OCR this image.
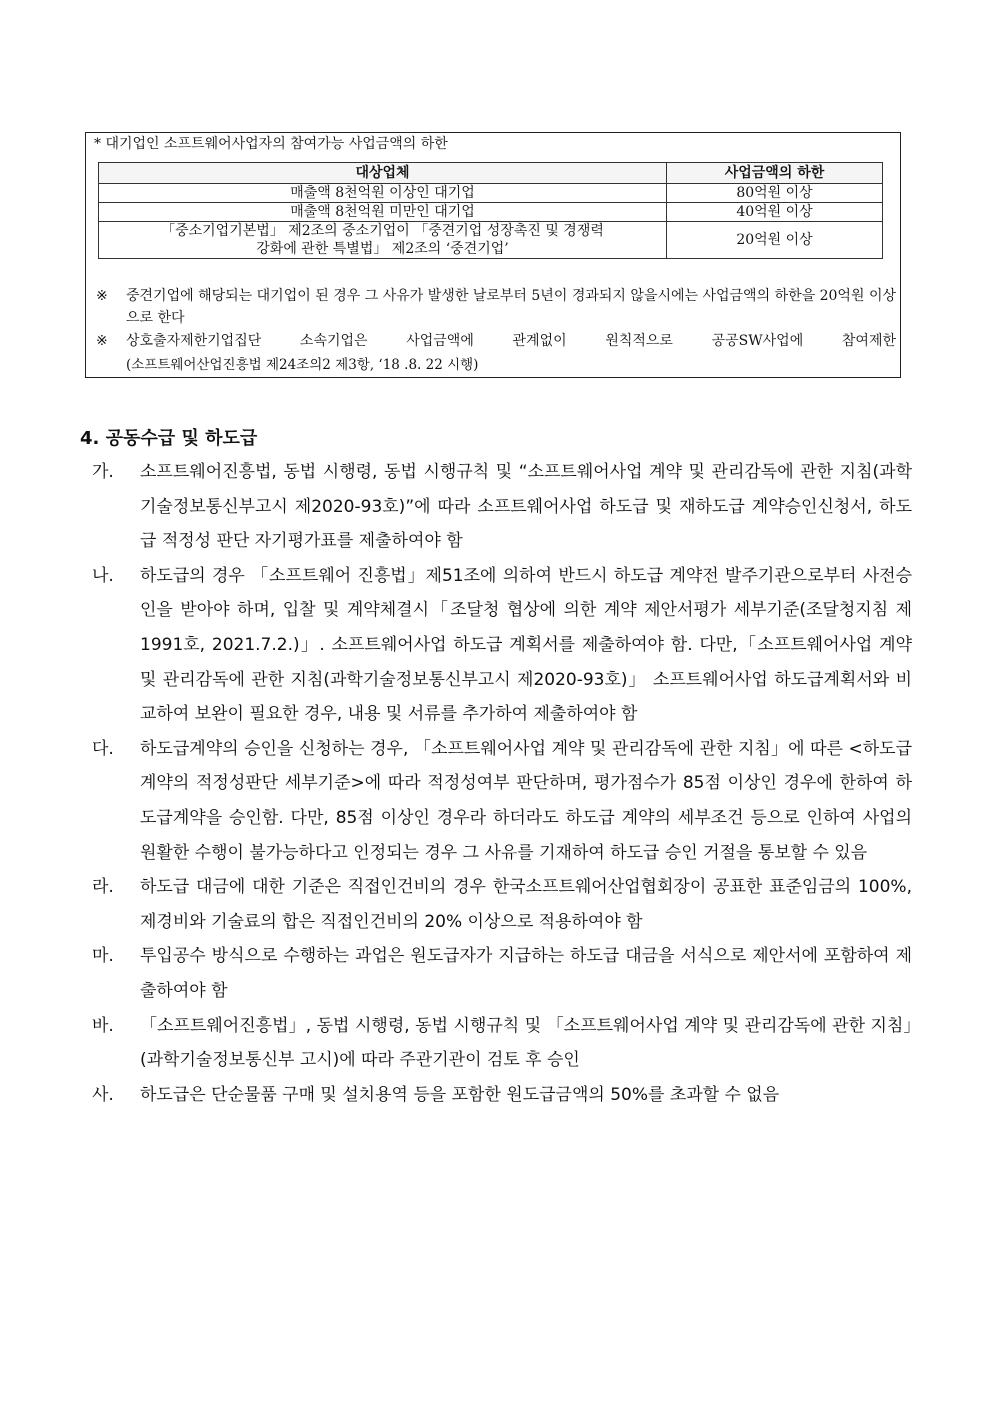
* 대기업인 소프트웨어사업자의 참여가능 사업금액의 하한
대상업체	사업금액의 하한
매출액 8천억원 이상인 대기업	80억원 이상
매출액 8천억원 미만인 대기업	40억원 이상

「중소기업기본법」 제2조의 중소기업이 「중견기업 성장촉진 및 경쟁력
강화에 관한 특별법」 제2조의 ‘중견기업’	20억원 이상
※ 중견기업에 해당되는 대기업이 된 경우 그 사유가 발생한 날로부터 5년이 경과되지 않을시에는 사업금액의 하한을 20억원 이상으로 한다
※ 상호출자제한기업집단 소속기업은 사업금액에 관계없이 원칙적으로 공공SW사업에 참여제한
(소프트웨어산업진흥법 제24조의2 제3항, ‘18 .8. 22 시행)
4. 공동수급 및 하도급
가. 소프트웨어진흥법, 동법 시행령, 동법 시행규칙 및 “소프트웨어사업 계약 및 관리감독에 관한 지침(과학기술정보통신부고시 제2020-93호)”에 따라 소프트웨어사업 하도급 및 재하도급 계약승인신청서, 하도급 적정성 판단 자기평가표를 제출하여야 함
나. 하도급의 경우 「소프트웨어 진흥법」제51조에 의하여 반드시 하도급 계약전 발주기관으로부터 사전승인을 받아야 하며, 입찰 및 계약체결시「조달청 협상에 의한 계약 제안서평가 세부기준(조달청지침 제1991호, 2021.7.2.)」. 소프트웨어사업 하도급 계획서를 제출하여야 함. 다만,「소프트웨어사업 계약 및 관리감독에 관한 지침(과학기술정보통신부고시 제2020-93호)」 소프트웨어사업 하도급계획서와 비교하여 보완이 필요한 경우, 내용 및 서류를 추가하여 제출하여야 함
다. 하도급계약의 승인을 신청하는 경우, 「소프트웨어사업 계약 및 관리감독에 관한 지침」에 따른 <하도급계약의 적정성판단 세부기준>에 따라 적정성여부 판단하며, 평가점수가 85점 이상인 경우에 한하여 하도급계약을 승인함. 다만, 85점 이상인 경우라 하더라도 하도급 계약의 세부조건 등으로 인하여 사업의 원활한 수행이 불가능하다고 인정되는 경우 그 사유를 기재하여 하도급 승인 거절을 통보할 수 있음
라. 하도급 대금에 대한 기준은 직접인건비의 경우 한국소프트웨어산업협회장이 공표한 표준임금의 100%, 제경비와 기술료의 합은 직접인건비의 20% 이상으로 적용하여야 함
마. 투입공수 방식으로 수행하는 과업은 원도급자가 지급하는 하도급 대금을 서식으로 제안서에 포함하여 제출하여야 함
바. 「소프트웨어진흥법」, 동법 시행령, 동법 시행규칙 및 「소프트웨어사업 계약 및 관리감독에 관한 지침」(과학기술정보통신부 고시)에 따라 주관기관이 검토 후 승인
사. 하도급은 단순물품 구매 및 설치용역 등을 포함한 원도급금액의 50%를 초과할 수 없음
